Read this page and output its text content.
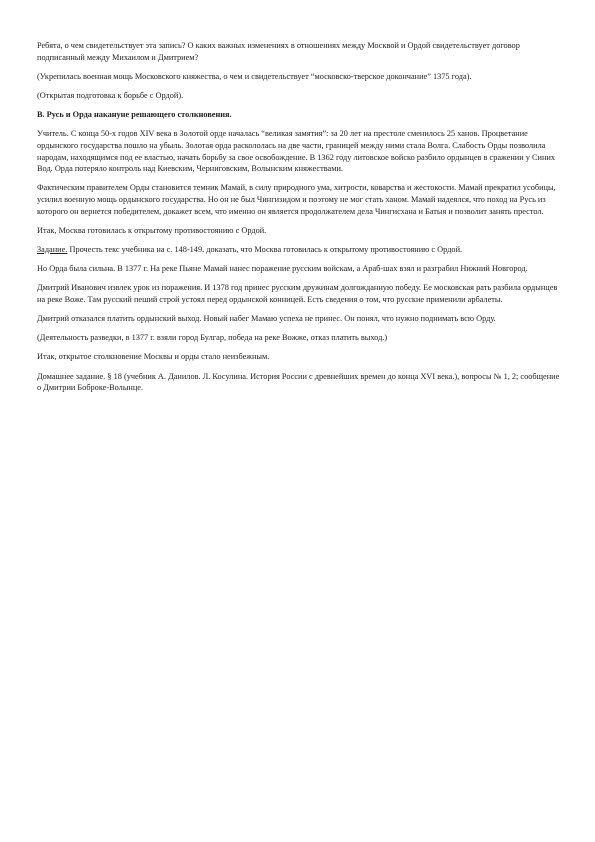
Ребята, о чем свидетельствует эта запись? О каких важных изменениях в отношениях между Москвой и Ордой свидетельствует договор подписанный между Михаилом и Дмитрием?

(Укрепилась военная мощь Московского княжества, о чем и свидетельствует “московско-тверское докончание” 1375 года).

(Открытая подготовка к борьбе с Ордой).

В. Русь и Орда накануне решающего столкновения.

Учитель. С конца 50-х годов XIV века в Золотой орде началась “великая замятия”: за 20 лет на престоле сменилось 25 ханов. Процветание ордынского государства пошло на убыль. Золотая орда раскололась на две части, границей между ними стала Волга. Слабость Орды позволила народам, находящимся под ее властью, начать борьбу за свое освобождение. В 1362 году литовское войско разбило ордынцев в сражении у Синих Вод. Орда потеряло контроль над Киевским, Черниговским, Волынским княжествами.

Фактическим правителем Орды становится темник Мамай, в силу природного ума, хитрости, коварства и жестокости. Мамай прекратил усобицы, усилил военную мощь ордынского государства. Но он не был Чингизидом и поэтому не мог стать ханом. Мамай надеялся, что поход на Русь из которого он вернется победителем, докажет всем, что именно он является продолжателем дела Чингисхана и Батыя и позволит занять престол.

Итак, Москва готовилась к открытому противостоянию с Ордой.

Задание. Прочесть текс учебника на с. 148-149. доказать, что Москва готовилась к открытому противостоянию с Ордой.

Но Орда была сильна. В 1377 г. На реке Пьяне Мамай нанес поражение русским войскам, а Араб-шах взял и разграбил Нижний Новгород.

Дмитрий Иванович извлек урок из поражения. И 1378 год принес русским дружинам долгожданную победу. Ее московская рать разбила ордынцев на реке Воже. Там русский пеший строй устоял перед ордынской конницей. Есть сведения о том, что русские применили арбалеты.

Дмитрий отказался платить ордынский выход. Новый набег Мамаю успеха не принес. Он понял, что нужно поднимать всю Орду.

(Деятельность разведки, в 1377 г. взяли город Булгар, победа на реке Вожже, отказ платить выход.)

Итак, открытое столкновение Москвы и орды стало неизбежным.

Домашнее задание. § 18 (учебник А. Данилов. Л. Косулина. История России с древнейших времен до конца XVI века.), вопросы № 1, 2; сообщение о Дмитрии Боброке-Волынце.
